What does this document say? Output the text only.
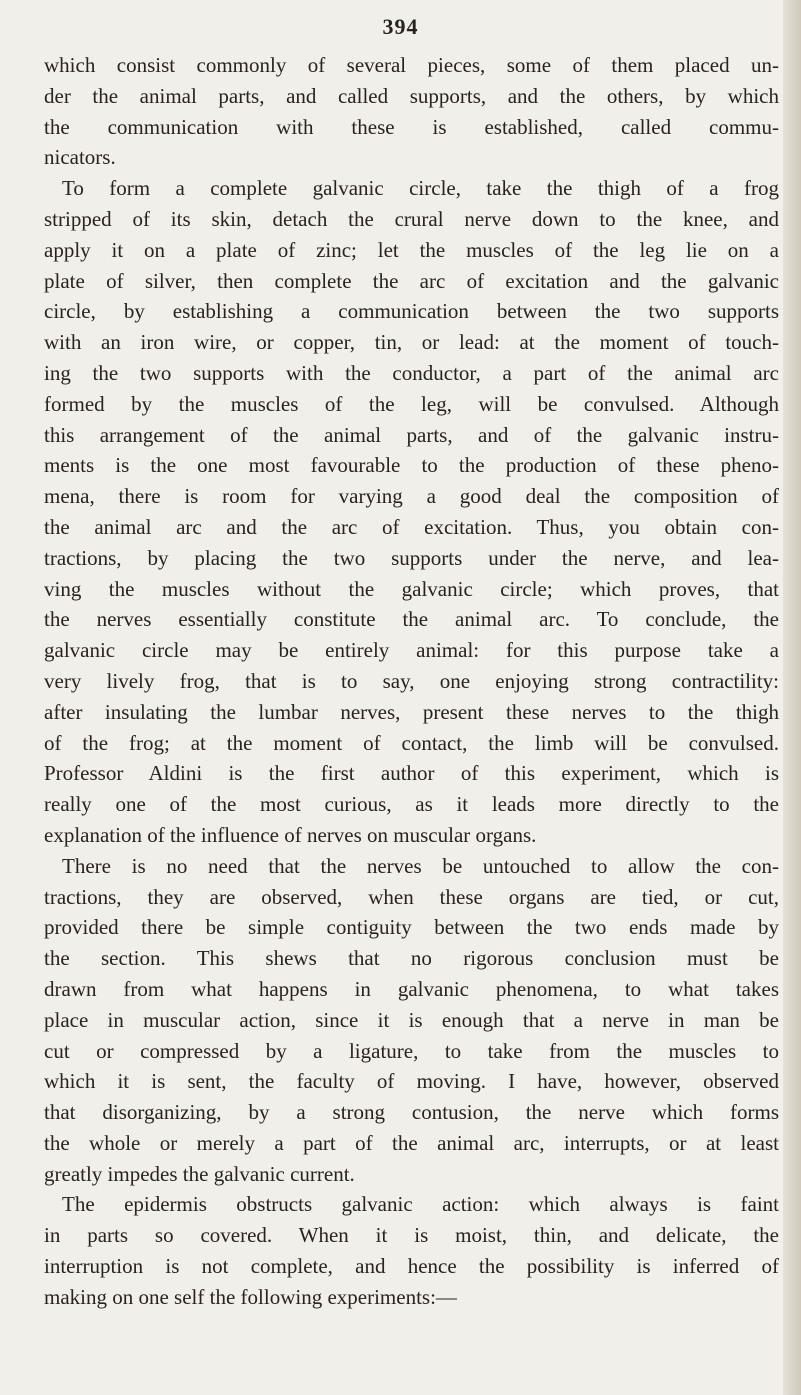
394
which consist commonly of several pieces, some of them placed un-
der the animal parts, and called supports, and the others, by which
the communication with these is established, called commu-
nicators.
To form a complete galvanic circle, take the thigh of a frog
stripped of its skin, detach the crural nerve down to the knee, and
apply it on a plate of zinc; let the muscles of the leg lie on a
plate of silver, then complete the arc of excitation and the galvanic
circle, by establishing a communication between the two supports
with an iron wire, or copper, tin, or lead: at the moment of touch-
ing the two supports with the conductor, a part of the animal arc
formed by the muscles of the leg, will be convulsed. Although
this arrangement of the animal parts, and of the galvanic instru-
ments is the one most favourable to the production of these pheno-
mena, there is room for varying a good deal the composition of
the animal arc and the arc of excitation. Thus, you obtain con-
tractions, by placing the two supports under the nerve, and lea-
ving the muscles without the galvanic circle; which proves, that
the nerves essentially constitute the animal arc. To conclude, the
galvanic circle may be entirely animal: for this purpose take a
very lively frog, that is to say, one enjoying strong contractility:
after insulating the lumbar nerves, present these nerves to the thigh
of the frog; at the moment of contact, the limb will be convulsed.
Professor Aldini is the first author of this experiment, which is
really one of the most curious, as it leads more directly to the
explanation of the influence of nerves on muscular organs.
There is no need that the nerves be untouched to allow the con-
tractions, they are observed, when these organs are tied, or cut,
provided there be simple contiguity between the two ends made by
the section. This shews that no rigorous conclusion must be
drawn from what happens in galvanic phenomena, to what takes
place in muscular action, since it is enough that a nerve in man be
cut or compressed by a ligature, to take from the muscles to
which it is sent, the faculty of moving. I have, however, observed
that disorganizing, by a strong contusion, the nerve which forms
the whole or merely a part of the animal arc, interrupts, or at least
greatly impedes the galvanic current.
The epidermis obstructs galvanic action: which always is faint
in parts so covered. When it is moist, thin, and delicate, the
interruption is not complete, and hence the possibility is inferred of
making on one self the following experiments:—
